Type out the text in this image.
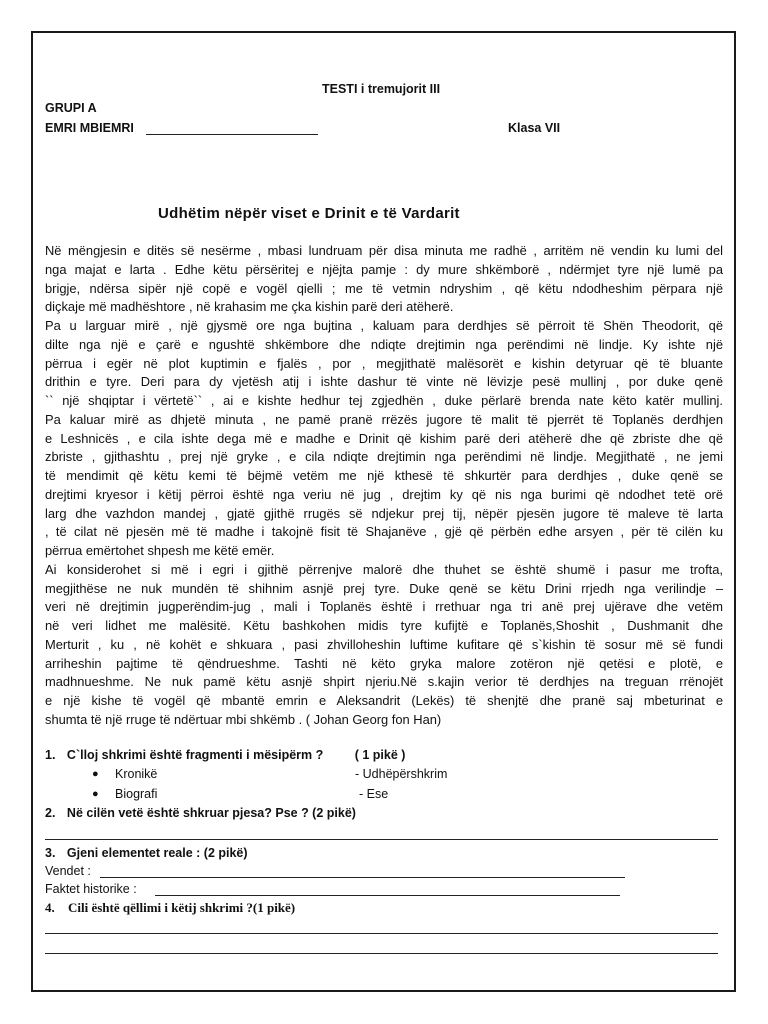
TESTI i tremujorit III
GRUPI A
EMRI MBIEMRI	Klasa VII
Udhëtim nëpër viset e Drinit e të Vardarit
Në mëngjesin e ditës së nesërme , mbasi lundruam për disa minuta me radhë , arritëm në vendin ku lumi del
nga majat e larta . Edhe këtu përsëritej e njëjta pamje : dy mure shkëmborë , ndërmjet tyre një lumë pa
brigje, ndërsa sipër një copë e vogël qielli ; me të vetmin ndryshim , që këtu ndodheshim përpara një
diçkaje më madhështore , në krahasim me çka kishin parë deri atëherë.
Pa u larguar mirë , një gjysmë ore nga bujtina , kaluam para derdhjes së përroit të Shën Theodorit, që
dilte nga një e çarë e ngushtë shkëmbore dhe ndiqte drejtimin nga perëndimi në lindje. Ky ishte një
përrua i egër në plot kuptimin e fjalës , por , megjithatë malësorët e kishin detyruar që të bluante
drithin e tyre. Deri para dy vjetësh atij i ishte dashur të vinte në lëvizje pesë mullinj , por duke qenë
`` një shqiptar i vërtetë`` , ai e kishte hedhur tej zgjedhën , duke përlarë brenda nate këto katër mullinj.
Pa kaluar mirë as dhjetë minuta , ne pamë pranë rrëzës jugore të malit të pjerrët të Toplanës derdhjen
e Leshnicës , e cila ishte dega më e madhe e Drinit që kishim parë deri atëherë dhe që zbriste dhe që
zbriste , gjithashtu , prej një gryke , e cila ndiqte drejtimin nga perëndimi në lindje. Megjithatë , ne jemi
të mendimit që këtu kemi të bëjmë vetëm me një kthesë të shkurtër para derdhjes , duke qenë se
drejtimi kryesor i këtij përroi është nga veriu në jug , drejtim ky që nis nga burimi që ndodhet tetë orë
larg dhe vazhdon mandej , gjatë gjithë rrugës së ndjekur prej tij, nëpër pjesën jugore të maleve të larta
, të cilat në pjesën më të madhe i takojnë fisit të Shajanëve , gjë që përbën edhe arsyen , për të cilën ku
përrua emërtohet shpesh me këtë emër.
Ai konsiderohet si më i egri i gjithë përrenjve malorë dhe thuhet se është shumë i pasur me trofta,
megjithëse ne nuk mundën të shihnim asnjë prej tyre. Duke qenë se këtu Drini rrjedh nga verilindje –
veri në drejtimin jugperëndim-jug , mali i Toplanës është i rrethuar nga tri anë prej ujërave dhe vetëm
në veri lidhet me malësitë. Këtu bashkohen midis tyre kufijtë e Toplanës,Shoshit , Dushmanit dhe
Merturit , ku , në kohët e shkuara , pasi zhvilloheshin luftime kufitare që s`kishin të sosur më së fundi
arriheshin pajtime të qëndrueshme. Tashti në këto gryka malore zotëron një qetësi e plotë, e
madhnueshme. Ne nuk pamë këtu asnjë shpirt njeriu.Në s.kajin verior të derdhjes na treguan rrënojët
e një kishe të vogël që mbantë emrin e Aleksandrit (Lekës) të shenjtë dhe pranë saj mbeturinat e
shumta të një rruge të ndërtuar mbi shkëmb . ( Johan Georg fon Han)
1. C`lloj shkrimi është fragmenti i mësipërm ?	( 1 pikë )
● Kronikë	- Udhëpërshkrim
● Biografi	- Ese
2. Në cilën vetë është shkruar pjesa? Pse ? (2 pikë)
3. Gjeni elementet reale : (2 pikë)
Vendet :
Faktet historike :
4. Cili është qëllimi i këtij shkrimi ?(1 pikë)
